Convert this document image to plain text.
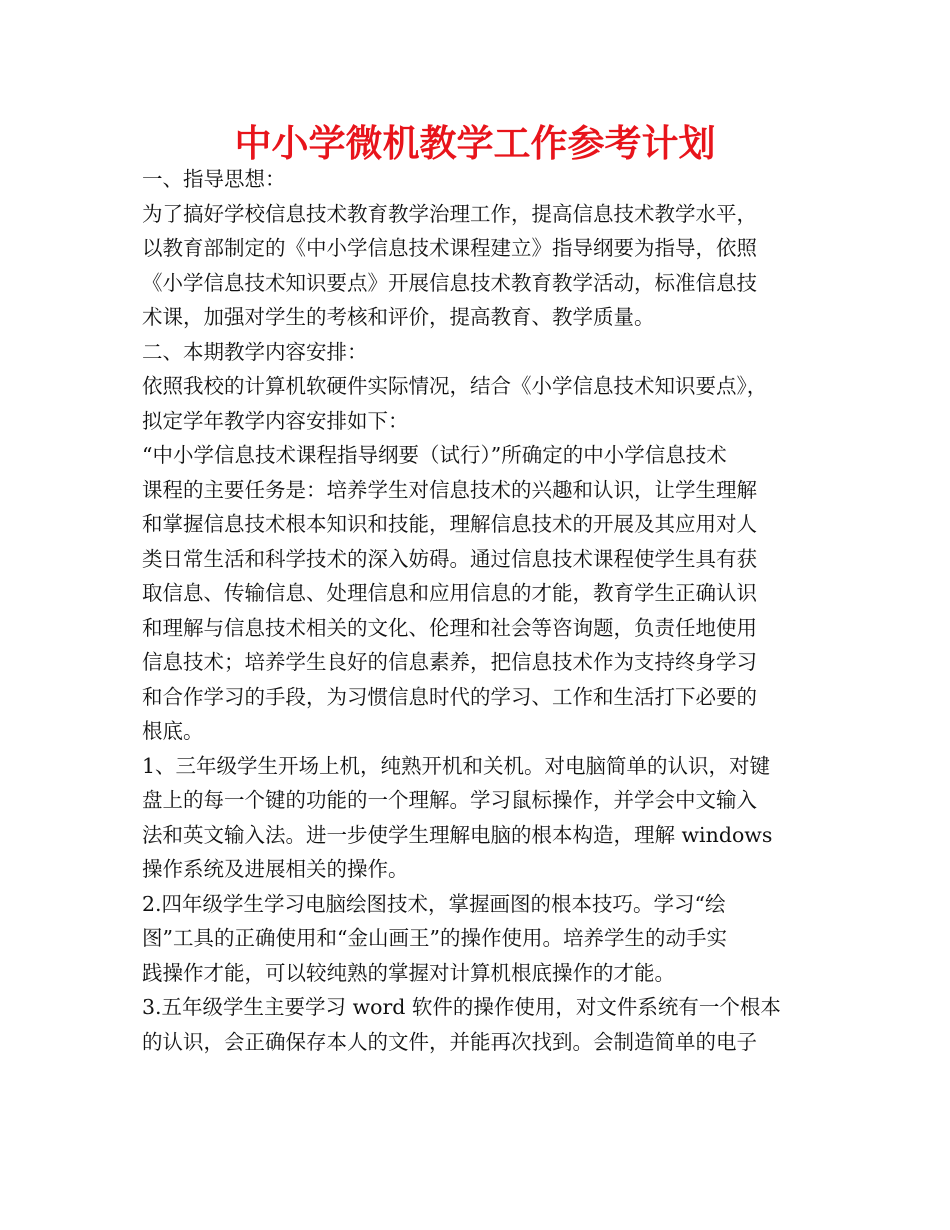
中小学微机教学工作参考计划
一、指导思想：
为了搞好学校信息技术教育教学治理工作，提高信息技术教学水平，
以教育部制定的《中小学信息技术课程建立》指导纲要为指导，依照
《小学信息技术知识要点》开展信息技术教育教学活动，标准信息技
术课，加强对学生的考核和评价，提高教育、教学质量。
二、本期教学内容安排：
依照我校的计算机软硬件实际情况，结合《小学信息技术知识要点》，
拟定学年教学内容安排如下：
“中小学信息技术课程指导纲要（试行）”所确定的中小学信息技术
课程的主要任务是：培养学生对信息技术的兴趣和认识，让学生理解
和掌握信息技术根本知识和技能，理解信息技术的开展及其应用对人
类日常生活和科学技术的深入妨碍。通过信息技术课程使学生具有获
取信息、传输信息、处理信息和应用信息的才能，教育学生正确认识
和理解与信息技术相关的文化、伦理和社会等咨询题，负责任地使用
信息技术；培养学生良好的信息素养，把信息技术作为支持终身学习
和合作学习的手段，为习惯信息时代的学习、工作和生活打下必要的
根底。
1、三年级学生开场上机，纯熟开机和关机。对电脑简单的认识，对键
盘上的每一个键的功能的一个理解。学习鼠标操作，并学会中文输入
法和英文输入法。进一步使学生理解电脑的根本构造，理解 windows
操作系统及进展相关的操作。
2.四年级学生学习电脑绘图技术，掌握画图的根本技巧。学习“绘
图”工具的正确使用和“金山画王”的操作使用。培养学生的动手实
践操作才能，可以较纯熟的掌握对计算机根底操作的才能。
3.五年级学生主要学习 word 软件的操作使用，对文件系统有一个根本
的认识，会正确保存本人的文件，并能再次找到。会制造简单的电子
